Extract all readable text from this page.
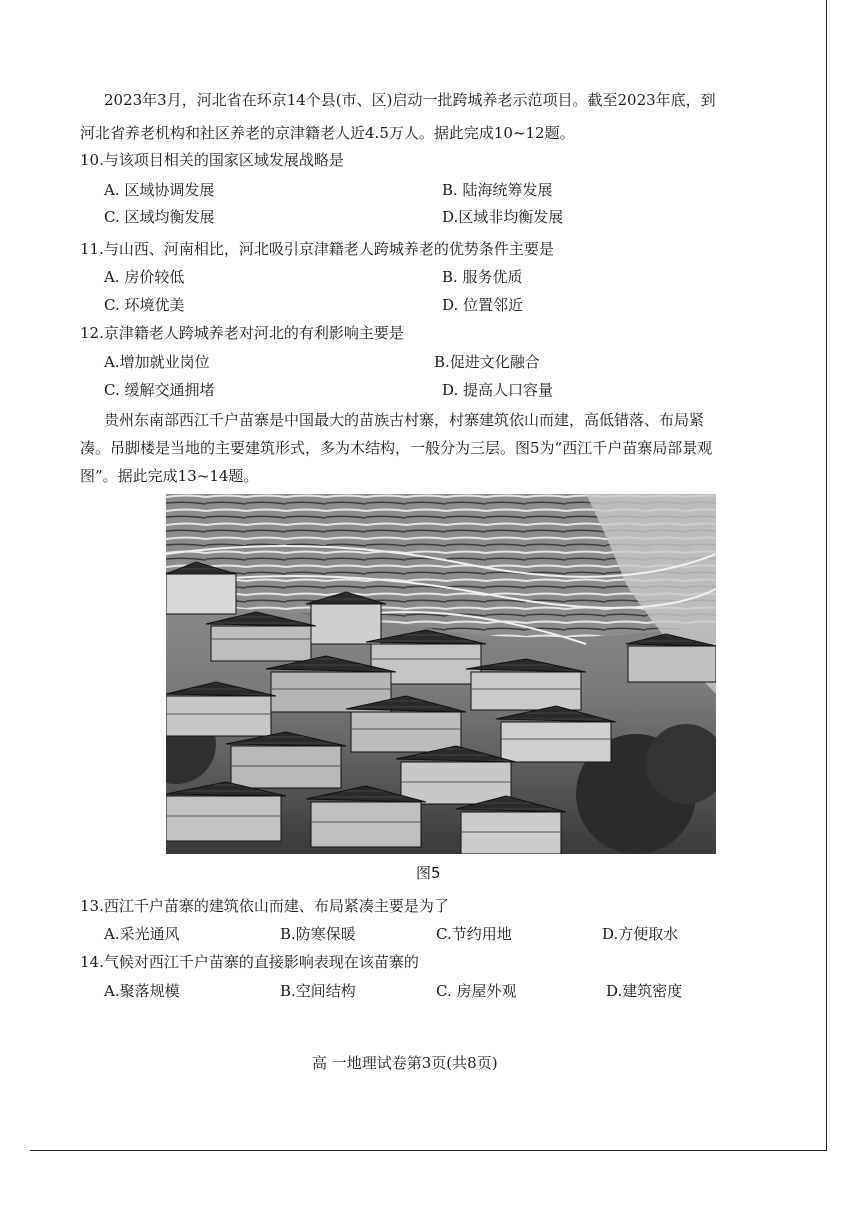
2023年3月，河北省在环京14个县(市、区)启动一批跨城养老示范项目。截至2023年底，到
河北省养老机构和社区养老的京津籍老人近4.5万人。据此完成10~12题。
10.与该项目相关的国家区域发展战略是
A. 区域协调发展	B. 陆海统筹发展
C. 区域均衡发展	D.区域非均衡发展
11.与山西、河南相比，河北吸引京津籍老人跨城养老的优势条件主要是
A. 房价较低	B. 服务优质
C. 环境优美	D. 位置邻近
12.京津籍老人跨城养老对河北的有利影响主要是
A.增加就业岗位	B.促进文化融合
C. 缓解交通拥堵	D. 提高人口容量
贵州东南部西江千户苗寨是中国最大的苗族古村寨，村寨建筑依山而建，高低错落、布局紧
凑。吊脚楼是当地的主要建筑形式，多为木结构，一般分为三层。图5为“西江千户苗寨局部景观
图”。据此完成13~14题。
图5
13.西江千户苗寨的建筑依山而建、布局紧凑主要是为了
A.采光通风	B.防寒保暖	C.节约用地	D.方便取水
14.气候对西江千户苗寨的直接影响表现在该苗寨的
A.聚落规模	B.空间结构	C. 房屋外观	D.建筑密度
高 一地理试卷第3页(共8页)
